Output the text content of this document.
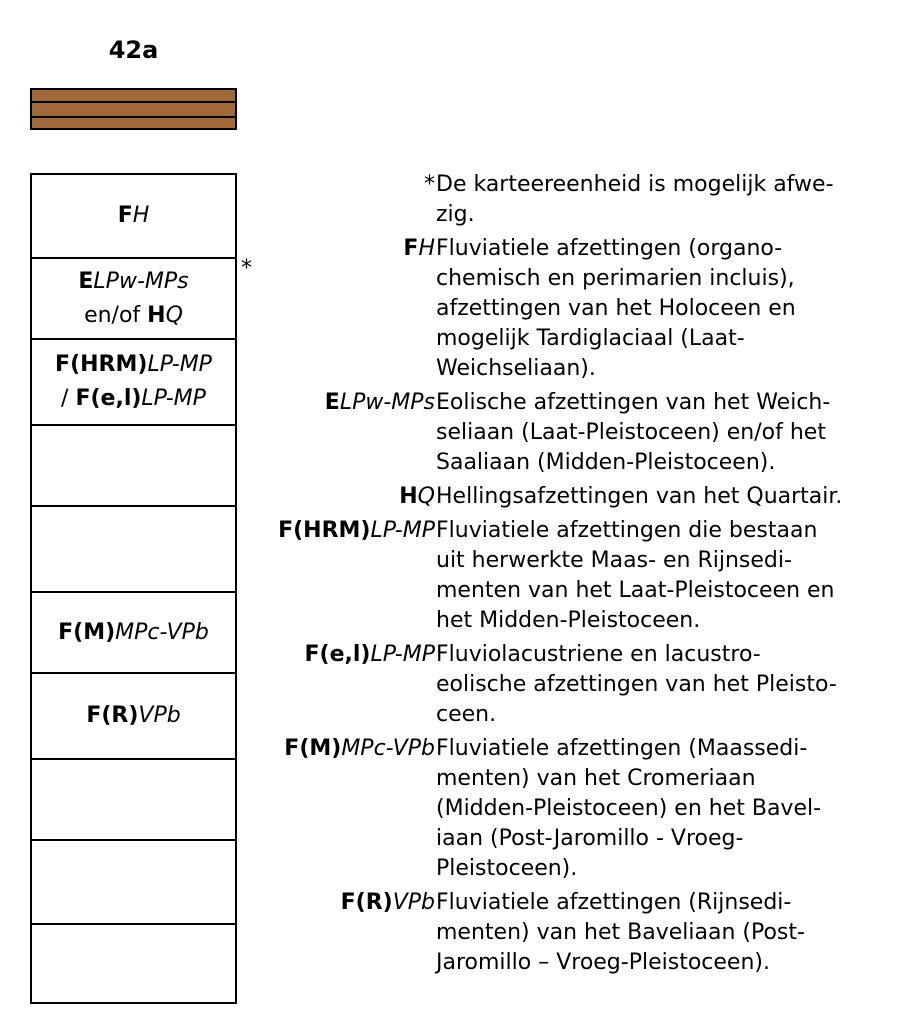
42a
FH
ELPw-MPs
en/of HQ
F(HRM)LP-MP
/ F(e,l)LP-MP
F(M)MPc-VPb
F(R)VPb
*
* De karteereenheid is mogelijk afwe-
zig.
FH Fluviatiele afzettingen (organo-
chemisch en perimarien incluis),
afzettingen van het Holoceen en
mogelijk Tardiglaciaal (Laat-
Weichseliaan).
ELPw-MPs Eolische afzettingen van het Weich-
seliaan (Laat-Pleistoceen) en/of het
Saaliaan (Midden-Pleistoceen).
HQ Hellingsafzettingen van het Quartair.
F(HRM)LP-MP Fluviatiele afzettingen die bestaan
uit herwerkte Maas- en Rijnsedi-
menten van het Laat-Pleistoceen en
het Midden-Pleistoceen.
F(e,l)LP-MP Fluviolacustriene en lacustro-
eolische afzettingen van het Pleisto-
ceen.
F(M)MPc-VPb Fluviatiele afzettingen (Maassedi-
menten) van het Cromeriaan
(Midden-Pleistoceen) en het Bavel-
iaan (Post-Jaromillo - Vroeg-
Pleistoceen).
F(R)VPb Fluviatiele afzettingen (Rijnsedi-
menten) van het Baveliaan (Post-
Jaromillo – Vroeg-Pleistoceen).
